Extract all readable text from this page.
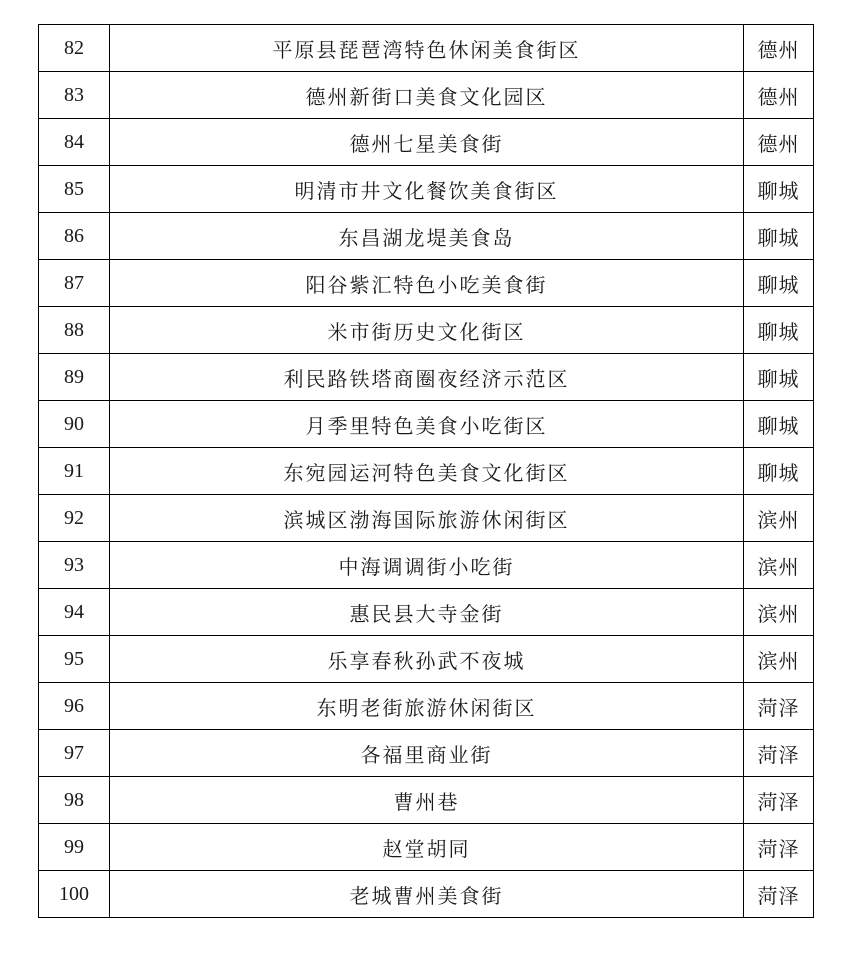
82	平原县琵琶湾特色休闲美食街区	德州
83	德州新街口美食文化园区	德州
84	德州七星美食街	德州
85	明清市井文化餐饮美食街区	聊城
86	东昌湖龙堤美食岛	聊城
87	阳谷紫汇特色小吃美食街	聊城
88	米市街历史文化街区	聊城
89	利民路铁塔商圈夜经济示范区	聊城
90	月季里特色美食小吃街区	聊城
91	东宛园运河特色美食文化街区	聊城
92	滨城区渤海国际旅游休闲街区	滨州
93	中海调调街小吃街	滨州
94	惠民县大寺金街	滨州
95	乐享春秋孙武不夜城	滨州
96	东明老街旅游休闲街区	菏泽
97	各福里商业街	菏泽
98	曹州巷	菏泽
99	赵堂胡同	菏泽
100	老城曹州美食街	菏泽
